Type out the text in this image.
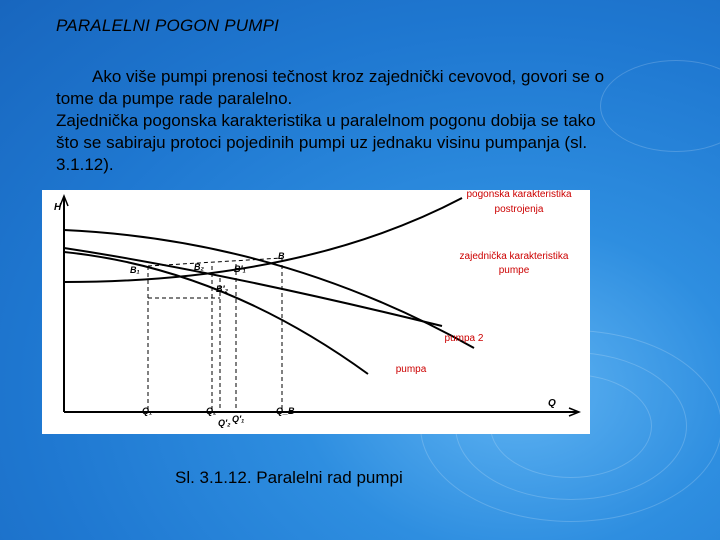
PARALELNI POGON PUMPI
Ako više pumpi prenosi tečnost kroz zajednički cevovod, govori se o
tome da pumpe rade paralelno.
Zajednička pogonska karakteristika u paralelnom pogonu dobija se tako
što se sabiraju protoci pojedinih pumpi uz jednaku visinu pumpanja (sl.
3.1.12).
H
Q
B
B₁	B₂	B′₁
B′₂
Q₁	Q₂	Q_B
Q′₂ Q′₁
pogonska karakteristika
postrojenja
zajednička karakteristika
pumpe
pumpa 2
pumpa
Sl. 3.1.12. Paralelni rad pumpi
